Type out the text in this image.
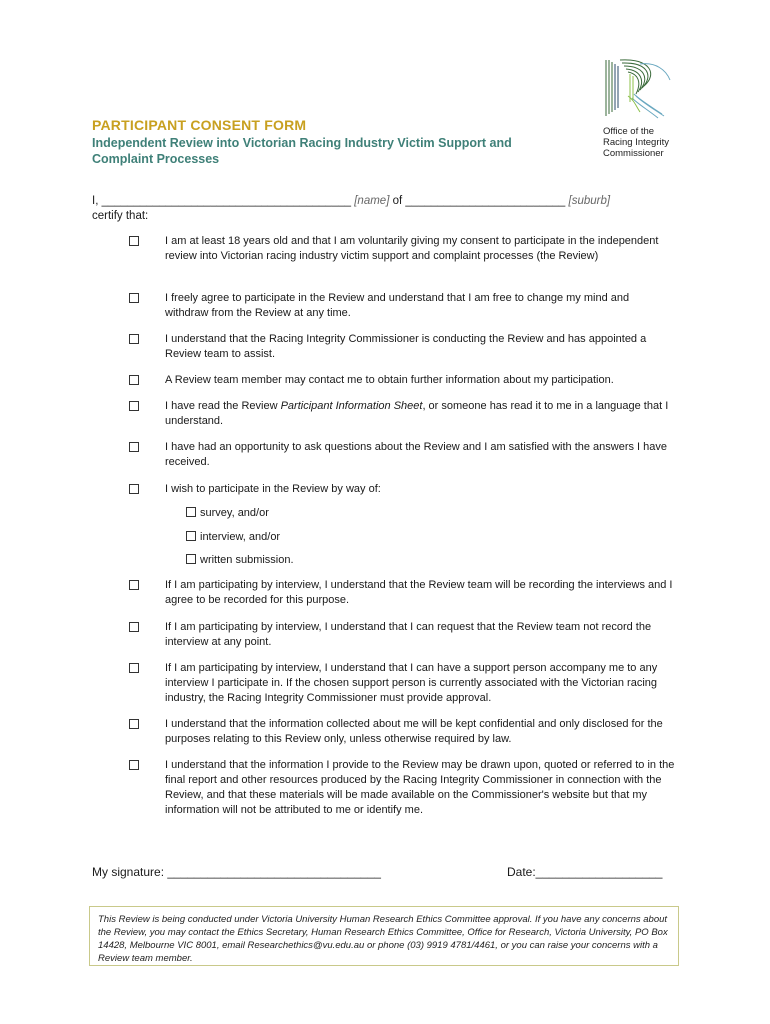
Office of the
Racing Integrity
Commissioner
PARTICIPANT CONSENT FORM
Independent Review into Victorian Racing Industry Victim Support and Complaint Processes
I, _______________________________________ [name] of _________________________ [suburb]
certify that:
I am at least 18 years old and that I am voluntarily giving my consent to participate in the independent review into Victorian racing industry victim support and complaint processes (the Review)
I freely agree to participate in the Review and understand that I am free to change my mind and withdraw from the Review at any time.
I understand that the Racing Integrity Commissioner is conducting the Review and has appointed a Review team to assist.
A Review team member may contact me to obtain further information about my participation.
I have read the Review Participant Information Sheet, or someone has read it to me in a language that I understand.
I have had an opportunity to ask questions about the Review and I am satisfied with the answers I have received.
I wish to participate in the Review by way of:
survey, and/or
interview, and/or
written submission.
If I am participating by interview, I understand that the Review team will be recording the interviews and I agree to be recorded for this purpose.
If I am participating by interview, I understand that I can request that the Review team not record the interview at any point.
If I am participating by interview, I understand that I can have a support person accompany me to any interview I participate in. If the chosen support person is currently associated with the Victorian racing industry, the Racing Integrity Commissioner must provide approval.
I understand that the information collected about me will be kept confidential and only disclosed for the purposes relating to this Review only, unless otherwise required by law.
I understand that the information I provide to the Review may be drawn upon, quoted or referred to in the final report and other resources produced by the Racing Integrity Commissioner in connection with the Review, and that these materials will be made available on the Commissioner's website but that my information will not be attributed to me or identify me.
My signature: ________________________________	Date:___________________
This Review is being conducted under Victoria University Human Research Ethics Committee approval. If you have any concerns about the Review, you may contact the Ethics Secretary, Human Research Ethics Committee, Office for Research, Victoria University, PO Box 14428, Melbourne VIC 8001, email Researchethics@vu.edu.au or phone (03) 9919 4781/4461, or you can raise your concerns with a Review team member.
